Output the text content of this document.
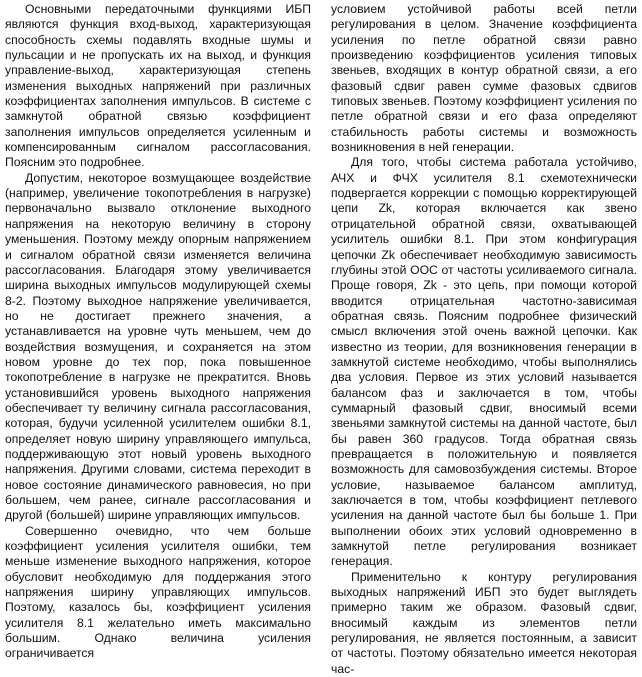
Основными передаточными функциями ИБП являются функция вход-выход, характеризующая способность схемы подавлять входные шумы и пульсации и не пропускать их на выход, и функция управление-выход, характеризующая степень изменения выходных напряжений при различных коэффициентах заполнения импульсов. В системе с замкнутой обратной связью коэффициент заполнения импульсов определяется усиленным и компенсированным сигналом рассогласования. Поясним это подробнее.

Допустим, некоторое возмущающее воздействие (например, увеличение токопотребления в нагрузке) первоначально вызвало отклонение выходного напряжения на некоторую величину в сторону уменьшения. Поэтому между опорным напряжением и сигналом обратной связи изменяется величина рассогласования. Благодаря этому увеличивается ширина выходных импульсов модулирующей схемы 8-2. Поэтому выходное напряжение увеличивается, но не достигает прежнего значения, а устанавливается на уровне чуть меньшем, чем до воздействия возмущения, и сохраняется на этом новом уровне до тех пор, пока повышенное токопотребление в нагрузке не прекратится. Вновь установившийся уровень выходного напряжения обеспечивает ту величину сигнала рассогласования, которая, будучи усиленной усилителем ошибки 8.1, определяет новую ширину управляющего импульса, поддерживающую этот новый уровень выходного напряжения. Другими словами, система переходит в новое состояние динамического равновесия, но при большем, чем ранее, сигнале рассогласования и другой (большей) ширине управляющих импульсов.

Совершенно очевидно, что чем больше коэффициент усиления усилителя ошибки, тем меньше изменение выходного напряжения, которое обусловит необходимую для поддержания этого напряжения ширину управляющих импульсов. Поэтому, казалось бы, коэффициент усиления усилителя 8.1 желательно иметь максимально большим. Однако величина усиления ограничивается

условием устойчивой работы всей петли регулирования в целом. Значение коэффициента усиления по петле обратной связи равно произведению коэффициентов усиления типовых звеньев, входящих в контур обратной связи, а его фазовый сдвиг равен сумме фазовых сдвигов типовых звеньев. Поэтому коэффициент усиления по петле обратной связи и его фаза определяют стабильность работы системы и возможность возникновения в ней генерации.

Для того, чтобы система работала устойчиво, АЧХ и ФЧХ усилителя 8.1 схемотехнически подвергается коррекции с помощью корректирующей цепи Zk, которая включается как звено отрицательной обратной связи, охватывающей усилитель ошибки 8.1. При этом конфигурация цепочки Zk обеспечивает необходимую зависимость глубины этой ООС от частоты усиливаемого сигнала. Проще говоря, Zk - это цепь, при помощи которой вводится отрицательная частотно-зависимая обратная связь. Поясним подробнее физический смысл включения этой очень важной цепочки. Как известно из теории, для возникновения генерации в замкнутой системе необходимо, чтобы выполнялись два условия. Первое из этих условий называется балансом фаз и заключается в том, чтобы суммарный фазовый сдвиг, вносимый всеми звеньями замкнутой системы на данной частоте, был бы равен 360 градусов. Тогда обратная связь превращается в положительную и появляется возможность для самовозбуждения системы. Второе условие, называемое балансом амплитуд, заключается в том, чтобы коэффициент петлевого усиления на данной частоте был бы больше 1. При выполнении обоих этих условий одновременно в замкнутой петле регулирования возникает генерация.

Применительно к контуру регулирования выходных напряжений ИБП это будет выглядеть примерно таким же образом. Фазовый сдвиг, вносимый каждым из элементов петли регулирования, не является постоянным, а зависит от частоты. Поэтому обязательно имеется некоторая час-
